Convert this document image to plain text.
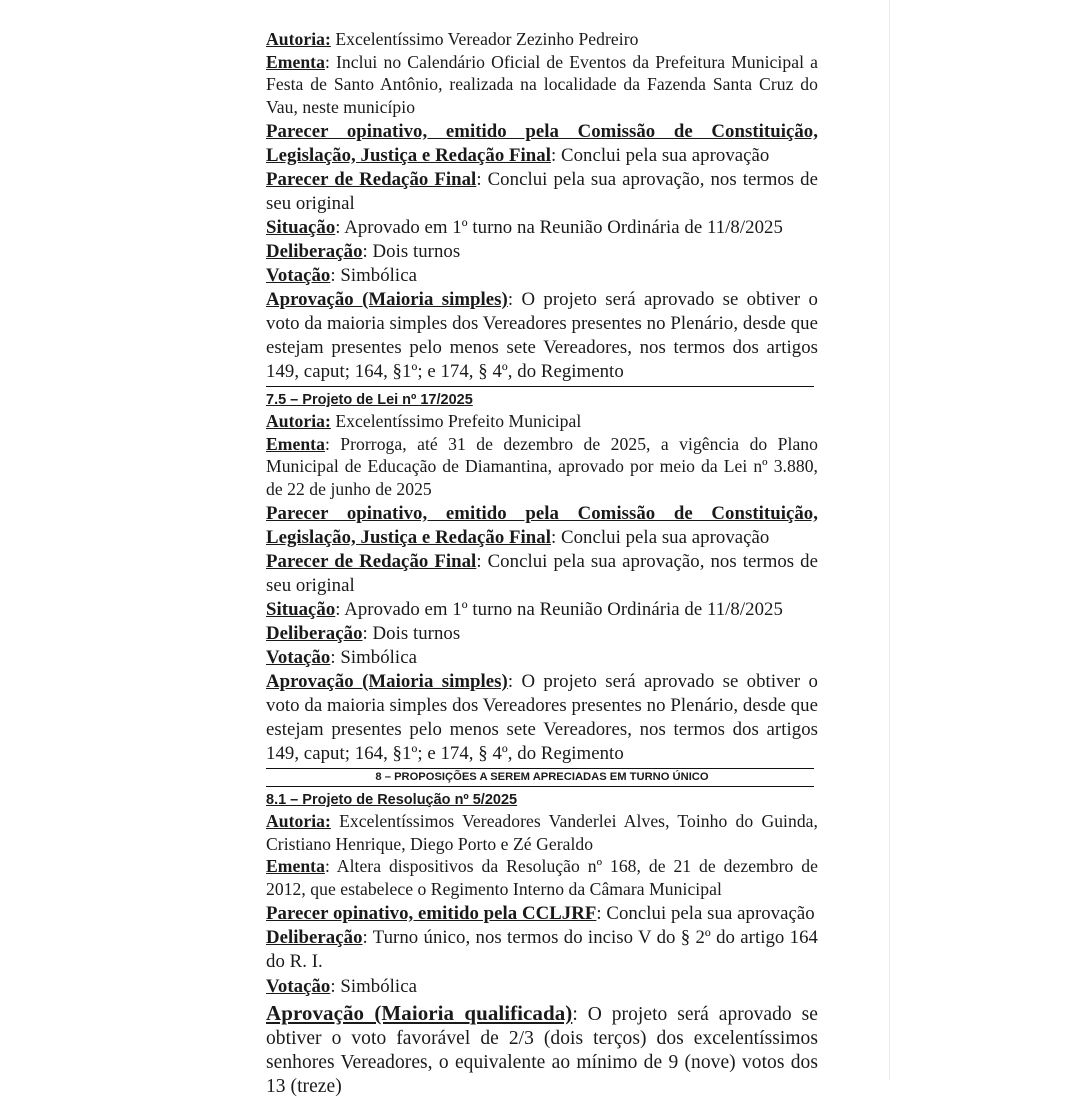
Autoria: Excelentíssimo Vereador Zezinho Pedreiro

Ementa: Inclui no Calendário Oficial de Eventos da Prefeitura Municipal a Festa de Santo Antônio, realizada na localidade da Fazenda Santa Cruz do Vau, neste município

Parecer opinativo, emitido pela Comissão de Constituição, Legislação, Justiça e Redação Final: Conclui pela sua aprovação

Parecer de Redação Final: Conclui pela sua aprovação, nos termos de seu original

Situação: Aprovado em 1º turno na Reunião Ordinária de 11/8/2025

Deliberação: Dois turnos

Votação: Simbólica

Aprovação (Maioria simples): O projeto será aprovado se obtiver o voto da maioria simples dos Vereadores presentes no Plenário, desde que estejam presentes pelo menos sete Vereadores, nos termos dos artigos 149, caput; 164, §1º; e 174, § 4º, do Regimento

7.5 – Projeto de Lei nº 17/2025

Autoria: Excelentíssimo Prefeito Municipal

Ementa: Prorroga, até 31 de dezembro de 2025, a vigência do Plano Municipal de Educação de Diamantina, aprovado por meio da Lei nº 3.880, de 22 de junho de 2025

Parecer opinativo, emitido pela Comissão de Constituição, Legislação, Justiça e Redação Final: Conclui pela sua aprovação

Parecer de Redação Final: Conclui pela sua aprovação, nos termos de seu original

Situação: Aprovado em 1º turno na Reunião Ordinária de 11/8/2025

Deliberação: Dois turnos

Votação: Simbólica

Aprovação (Maioria simples): O projeto será aprovado se obtiver o voto da maioria simples dos Vereadores presentes no Plenário, desde que estejam presentes pelo menos sete Vereadores, nos termos dos artigos 149, caput; 164, §1º; e 174, § 4º, do Regimento

8 – PROPOSIÇÕES A SEREM APRECIADAS EM TURNO ÚNICO

8.1 – Projeto de Resolução nº 5/2025

Autoria: Excelentíssimos Vereadores Vanderlei Alves, Toinho do Guinda, Cristiano Henrique, Diego Porto e Zé Geraldo

Ementa: Altera dispositivos da Resolução nº 168, de 21 de dezembro de 2012, que estabelece o Regimento Interno da Câmara Municipal

Parecer opinativo, emitido pela CCLJRF: Conclui pela sua aprovação

Deliberação: Turno único, nos termos do inciso V do § 2º do artigo 164 do R. I.

Votação: Simbólica

Aprovação (Maioria qualificada): O projeto será aprovado se obtiver o voto favorável de 2/3 (dois terços) dos excelentíssimos senhores Vereadores, o equivalente ao mínimo de 9 (nove) votos dos 13 (treze)
